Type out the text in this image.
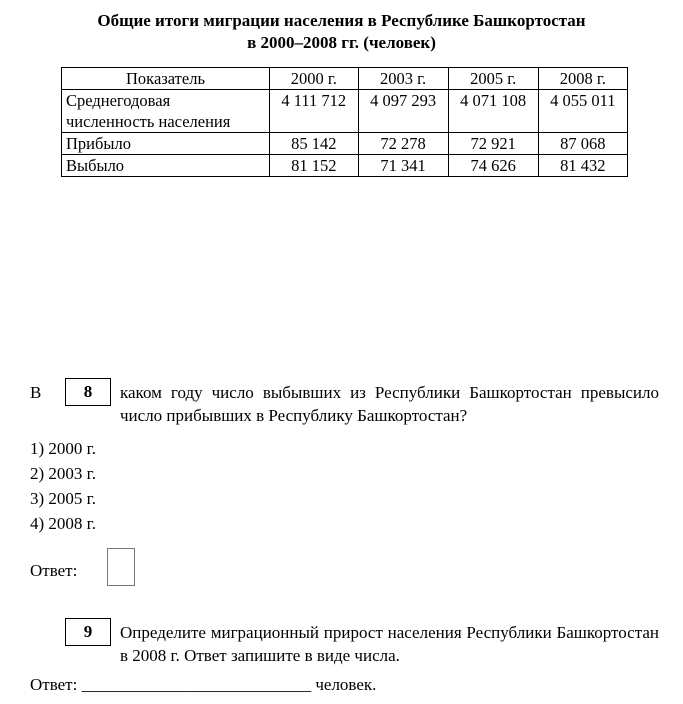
Общие итоги миграции населения в Республике Башкортостан
в 2000–2008 гг. (человек)
Показатель	2000 г.	2003 г.	2005 г.	2008 г.

Среднегодовая
численность населения	4 111 712	4 097 293	4 071 108	4 055 011
Прибыло	85 142	72 278	72 921	87 068
Выбыло	81 152	71 341	74 626	81 432
В	8	каком году число выбывших из Республики Башкортостан превысило число прибывших в Республику Башкортостан?
1) 2000 г.
2) 2003 г.
3) 2005 г.
4) 2008 г.
Ответ:
9	Определите миграционный прирост населения Республики Башкортостан в 2008 г. Ответ запишите в виде числа.
Ответ: ___________________________ человек.
